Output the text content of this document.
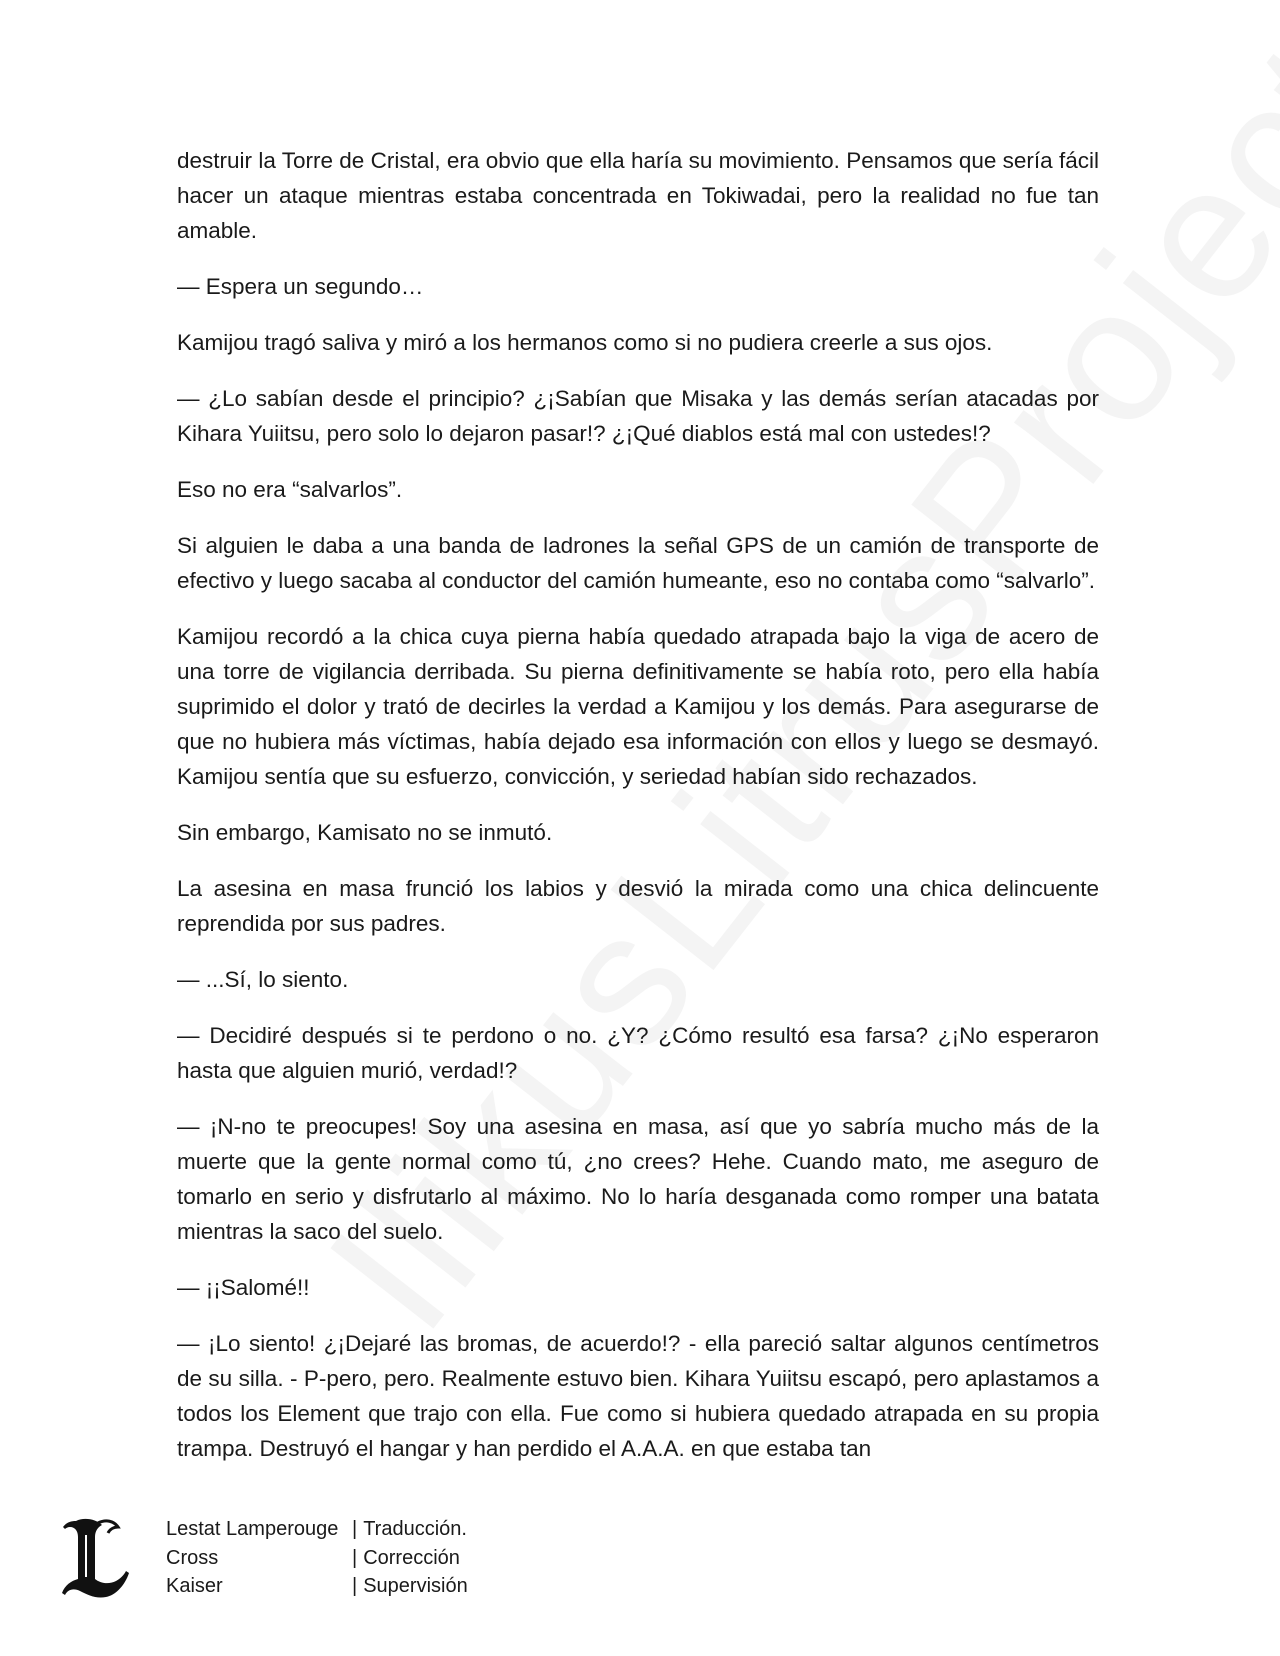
destruir la Torre de Cristal, era obvio que ella haría su movimiento. Pensamos que sería fácil hacer un ataque mientras estaba concentrada en Tokiwadai, pero la realidad no fue tan amable.

— Espera un segundo…

Kamijou tragó saliva y miró a los hermanos como si no pudiera creerle a sus ojos.

— ¿Lo sabían desde el principio? ¿¡Sabían que Misaka y las demás serían atacadas por Kihara Yuiitsu, pero solo lo dejaron pasar!? ¿¡Qué diablos está mal con ustedes!?

Eso no era “salvarlos”.

Si alguien le daba a una banda de ladrones la señal GPS de un camión de transporte de efectivo y luego sacaba al conductor del camión humeante, eso no contaba como “salvarlo”.

Kamijou recordó a la chica cuya pierna había quedado atrapada bajo la viga de acero de una torre de vigilancia derribada. Su pierna definitivamente se había roto, pero ella había suprimido el dolor y trató de decirles la verdad a Kamijou y los demás. Para asegurarse de que no hubiera más víctimas, había dejado esa información con ellos y luego se desmayó. Kamijou sentía que su esfuerzo, convicción, y seriedad habían sido rechazados.

Sin embargo, Kamisato no se inmutó.

La asesina en masa frunció los labios y desvió la mirada como una chica delincuente reprendida por sus padres.

— ...Sí, lo siento.

— Decidiré después si te perdono o no. ¿Y? ¿Cómo resultó esa farsa? ¿¡No esperaron hasta que alguien murió, verdad!?

— ¡N-no te preocupes! Soy una asesina en masa, así que yo sabría mucho más de la muerte que la gente normal como tú, ¿no crees? Hehe. Cuando mato, me aseguro de tomarlo en serio y disfrutarlo al máximo. No lo haría desganada como romper una batata mientras la saco del suelo.

— ¡¡Salomé!!

— ¡Lo siento! ¿¡Dejaré las bromas, de acuerdo!? - ella pareció saltar algunos centímetros de su silla. - P-pero, pero. Realmente estuvo bien. Kihara Yuiitsu escapó, pero aplastamos a todos los Element que trajo con ella. Fue como si hubiera quedado atrapada en su propia trampa. Destruyó el hangar y han perdido el A.A.A. en que estaba tan

Lestat Lamperouge | Traducción.
Cross	| Corrección
Kaiser	| Supervisión
